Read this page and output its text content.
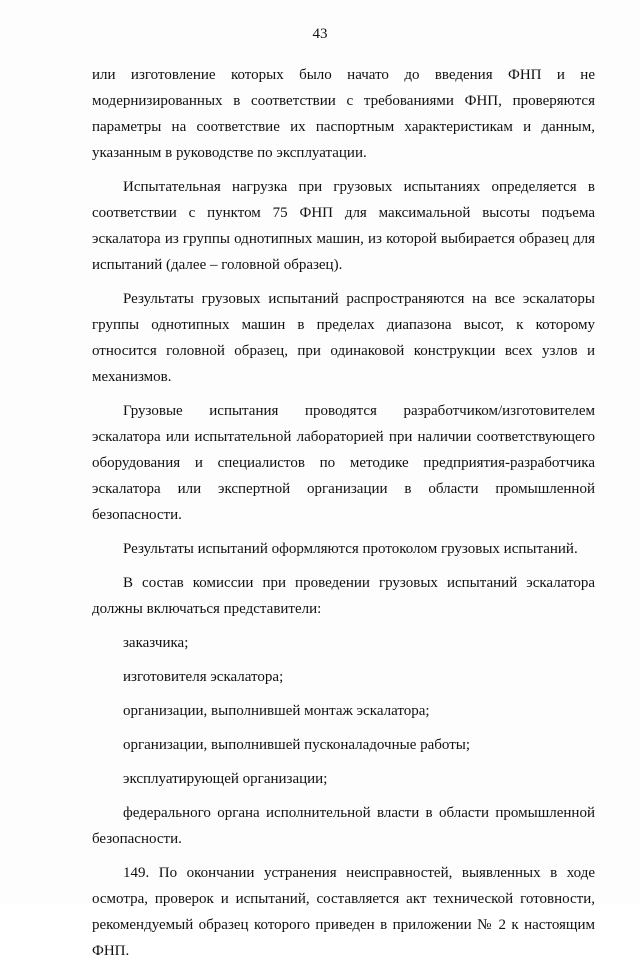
43

или изготовление которых было начато до введения ФНП и не модернизированных в соответствии с требованиями ФНП, проверяются параметры на соответствие их паспортным характеристикам и данным, указанным в руководстве по эксплуатации.

Испытательная нагрузка при грузовых испытаниях определяется в соответствии с пунктом 75 ФНП для максимальной высоты подъема эскалатора из группы однотипных машин, из которой выбирается образец для испытаний (далее – головной образец).

Результаты грузовых испытаний распространяются на все эскалаторы группы однотипных машин в пределах диапазона высот, к которому относится головной образец, при одинаковой конструкции всех узлов и механизмов.

Грузовые испытания проводятся разработчиком/изготовителем эскалатора или испытательной лабораторией при наличии соответствующего оборудования и специалистов по методике предприятия-разработчика эскалатора или экспертной организации в области промышленной безопасности.

Результаты испытаний оформляются протоколом грузовых испытаний.

В состав комиссии при проведении грузовых испытаний эскалатора должны включаться представители:

заказчика;

изготовителя эскалатора;

организации, выполнившей монтаж эскалатора;

организации, выполнившей пусконаладочные работы;

эксплуатирующей организации;

федерального органа исполнительной власти в области промышленной безопасности.

149. По окончании устранения неисправностей, выявленных в ходе осмотра, проверок и испытаний, составляется акт технической готовности, рекомендуемый образец которого приведен в приложении № 2 к настоящим ФНП.
